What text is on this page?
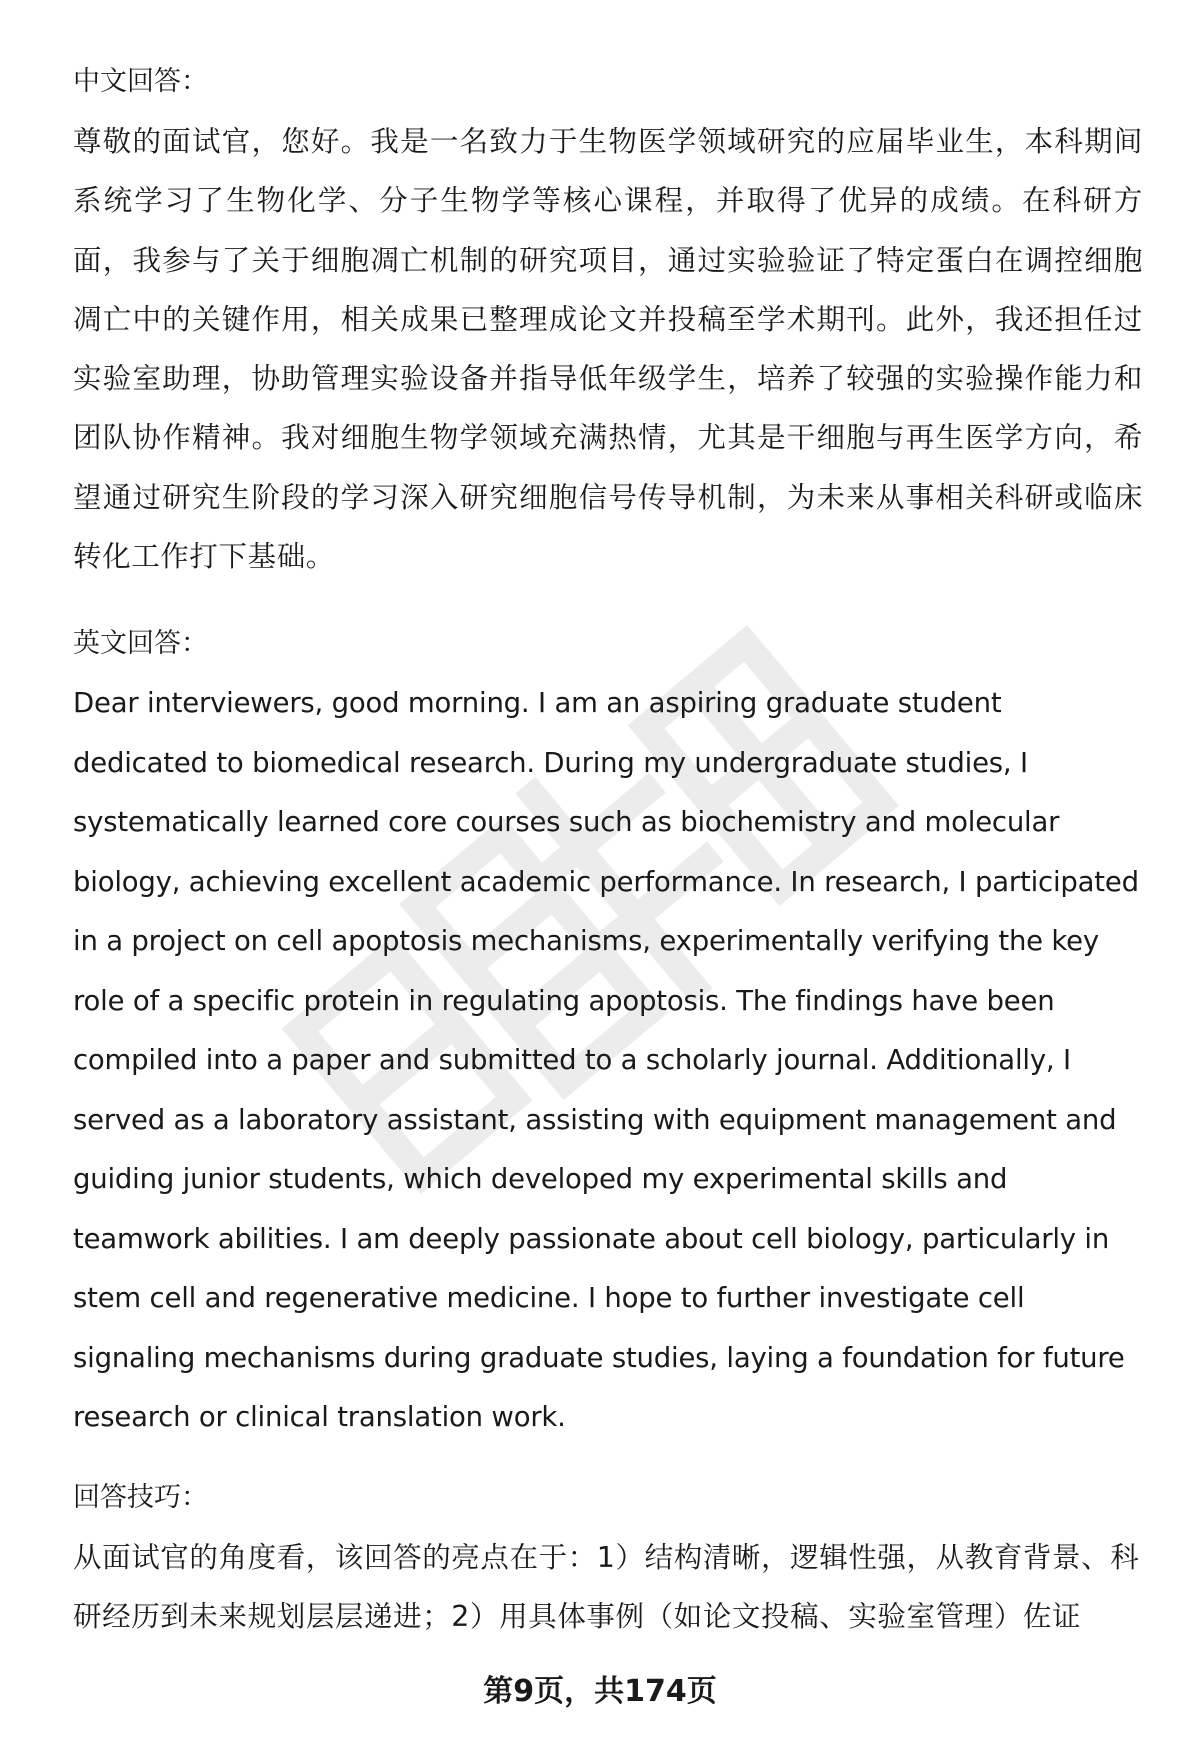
中文回答：

尊敬的面试官，您好。我是一名致力于生物医学领域研究的应届毕业生，本科期间系统学习了生物化学、分子生物学等核心课程，并取得了优异的成绩。在科研方面，我参与了关于细胞凋亡机制的研究项目，通过实验验证了特定蛋白在调控细胞凋亡中的关键作用，相关成果已整理成论文并投稿至学术期刊。此外，我还担任过实验室助理，协助管理实验设备并指导低年级学生，培养了较强的实验操作能力和团队协作精神。我对细胞生物学领域充满热情，尤其是干细胞与再生医学方向，希望通过研究生阶段的学习深入研究细胞信号传导机制，为未来从事相关科研或临床转化工作打下基础。

英文回答：

Dear interviewers, good morning. I am an aspiring graduate student dedicated to biomedical research. During my undergraduate studies, I systematically learned core courses such as biochemistry and molecular biology, achieving excellent academic performance. In research, I participated in a project on cell apoptosis mechanisms, experimentally verifying the key role of a specific protein in regulating apoptosis. The findings have been compiled into a paper and submitted to a scholarly journal. Additionally, I served as a laboratory assistant, assisting with equipment management and guiding junior students, which developed my experimental skills and teamwork abilities. I am deeply passionate about cell biology, particularly in stem cell and regenerative medicine. I hope to further investigate cell signaling mechanisms during graduate studies, laying a foundation for future research or clinical translation work.

回答技巧：

从面试官的角度看，该回答的亮点在于：1）结构清晰，逻辑性强，从教育背景、科研经历到未来规划层层递进；2）用具体事例（如论文投稿、实验室管理）佐证

第9页，共174页
